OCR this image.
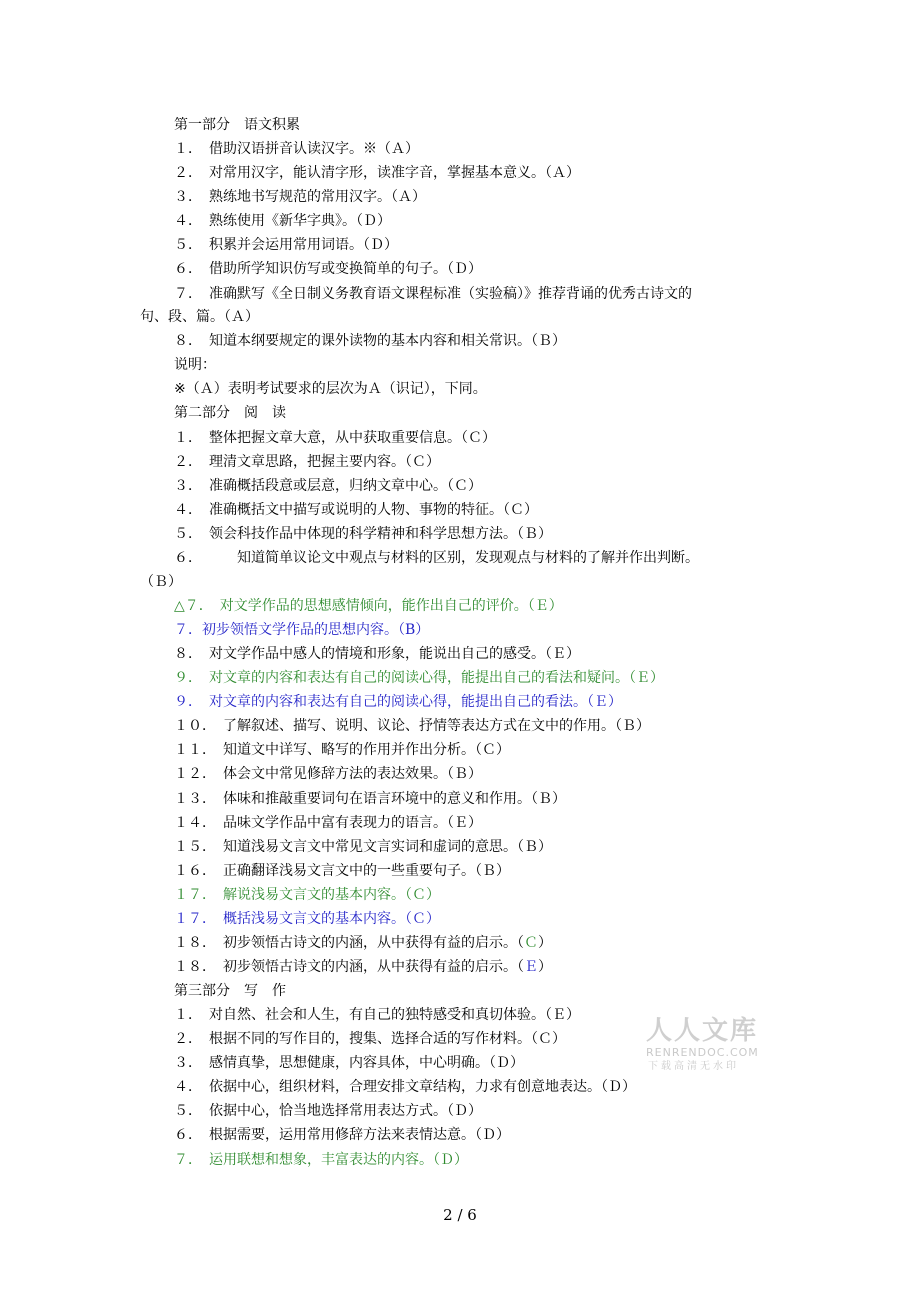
第一部分　语文积累
１．　借助汉语拼音认读汉字。※（Ａ）
２．　对常用汉字，能认清字形，读准字音，掌握基本意义。（Ａ）
３．　熟练地书写规范的常用汉字。（Ａ）
４．　熟练使用《新华字典》。（Ｄ）
５．　积累并会运用常用词语。（Ｄ）
６．　借助所学知识仿写或变换简单的句子。（Ｄ）
７．　准确默写《全日制义务教育语文课程标准（实验稿）》推荐背诵的优秀古诗文的
句、段、篇。（Ａ）
８．　知道本纲要规定的课外读物的基本内容和相关常识。（Ｂ）
说明：
※（Ａ）表明考试要求的层次为Ａ（识记），下同。
第二部分　阅　读
１．　整体把握文章大意，从中获取重要信息。（Ｃ）
２．　理清文章思路，把握主要内容。（Ｃ）
３．　准确概括段意或层意，归纳文章中心。（Ｃ）
４．　准确概括文中描写或说明的人物、事物的特征。（Ｃ）
５．　领会科技作品中体现的科学精神和科学思想方法。（Ｂ）
６．　　　知道简单议论文中观点与材料的区别，发现观点与材料的了解并作出判断。
（Ｂ）
△７．　对文学作品的思想感情倾向，能作出自己的评价。（Ｅ）
７．初步领悟文学作品的思想内容。（B）
８．　对文学作品中感人的情境和形象，能说出自己的感受。（Ｅ）
９．　对文章的内容和表达有自己的阅读心得，能提出自己的看法和疑问。（Ｅ）
９．　对文章的内容和表达有自己的阅读心得，能提出自己的看法。（Ｅ）
１０．　了解叙述、描写、说明、议论、抒情等表达方式在文中的作用。（Ｂ）
１１．　知道文中详写、略写的作用并作出分析。（Ｃ）
１２．　体会文中常见修辞方法的表达效果。（Ｂ）
１３．　体味和推敲重要词句在语言环境中的意义和作用。（Ｂ）
１４．　品味文学作品中富有表现力的语言。（Ｅ）
１５．　知道浅易文言文中常见文言实词和虚词的意思。（Ｂ）
１６．　正确翻译浅易文言文中的一些重要句子。（Ｂ）
１７．　解说浅易文言文的基本内容。（Ｃ）
１７．　概括浅易文言文的基本内容。（Ｃ）
１８．　初步领悟古诗文的内涵，从中获得有益的启示。（Ｃ）
１８．　初步领悟古诗文的内涵，从中获得有益的启示。（Ｅ）
第三部分　写　作
１．　对自然、社会和人生，有自己的独特感受和真切体验。（Ｅ）
２．　根据不同的写作目的，搜集、选择合适的写作材料。（Ｃ）
３．　感情真挚，思想健康，内容具体，中心明确。（Ｄ）
４．　依据中心，组织材料，合理安排文章结构，力求有创意地表达。（Ｄ）
５．　依据中心，恰当地选择常用表达方式。（Ｄ）
６．　根据需要，运用常用修辞方法来表情达意。（Ｄ）
７．　运用联想和想象，丰富表达的内容。（Ｄ）
人人文库
RENRENDOC.COM
下载高清无水印
2 / 6
